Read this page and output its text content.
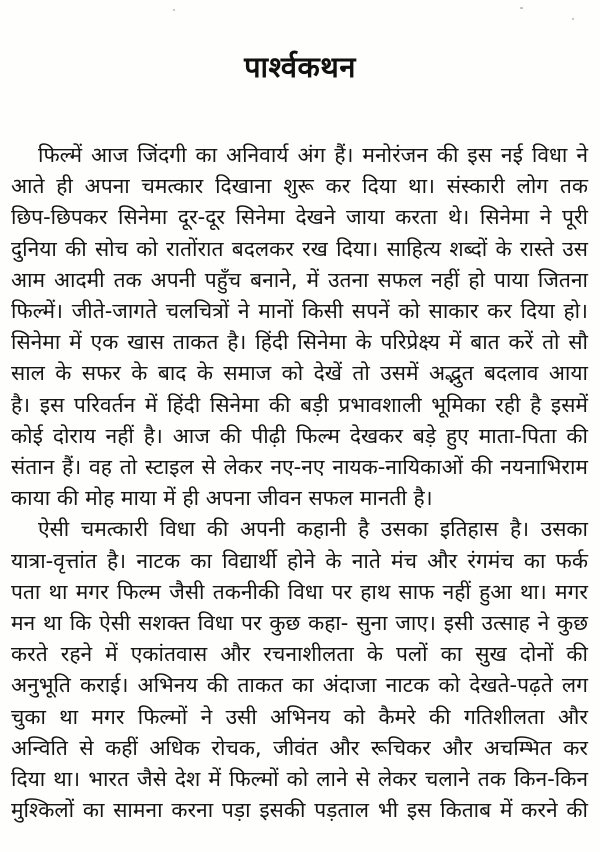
पार्श्वकथन

फिल्में आज जिंदगी का अनिवार्य अंग हैं। मनोरंजन की इस नई विधा ने
आते ही अपना चमत्कार दिखाना शुरू कर दिया था। संस्कारी लोग तक
छिप-छिपकर सिनेमा दूर-दूर सिनेमा देखने जाया करता थे। सिनेमा ने पूरी
दुनिया की सोच को रातोंरात बदलकर रख दिया। साहित्य शब्दों के रास्ते उस
आम आदमी तक अपनी पहुँच बनाने, में उतना सफल नहीं हो पाया जितना
फिल्में। जीते-जागते चलचित्रों ने मानों किसी सपनें को साकार कर दिया हो।
सिनेमा में एक खास ताकत है। हिंदी सिनेमा के परिप्रेक्ष्य में बात करें तो सौ
साल के सफर के बाद के समाज को देखें तो उसमें अद्भुत बदलाव आया
है। इस परिवर्तन में हिंदी सिनेमा की बड़ी प्रभावशाली भूमिका रही है इसमें
कोई दोराय नहीं है। आज की पीढ़ी फिल्म देखकर बड़े हुए माता-पिता की
संतान हैं। वह तो स्टाइल से लेकर नए-नए नायक-नायिकाओं की नयनाभिराम
काया की मोह माया में ही अपना जीवन सफल मानती है।

ऐसी चमत्कारी विधा की अपनी कहानी है उसका इतिहास है। उसका
यात्रा-वृत्तांत है। नाटक का विद्यार्थी होने के नाते मंच और रंगमंच का फर्क
पता था मगर फिल्म जैसी तकनीकी विधा पर हाथ साफ नहीं हुआ था। मगर
मन था कि ऐसी सशक्त विधा पर कुछ कहा- सुना जाए। इसी उत्साह ने कुछ
करते रहने में एकांतवास और रचनाशीलता के पलों का सुख दोनों की
अनुभूति कराई। अभिनय की ताकत का अंदाजा नाटक को देखते-पढ़ते लग
चुका था मगर फिल्मों ने उसी अभिनय को कैमरे की गतिशीलता और
अन्विति से कहीं अधिक रोचक, जीवंत और रूचिकर और अचम्भित कर
दिया था। भारत जैसे देश में फिल्मों को लाने से लेकर चलाने तक किन-किन
मुश्किलों का सामना करना पड़ा इसकी पड़ताल भी इस किताब में करने की
